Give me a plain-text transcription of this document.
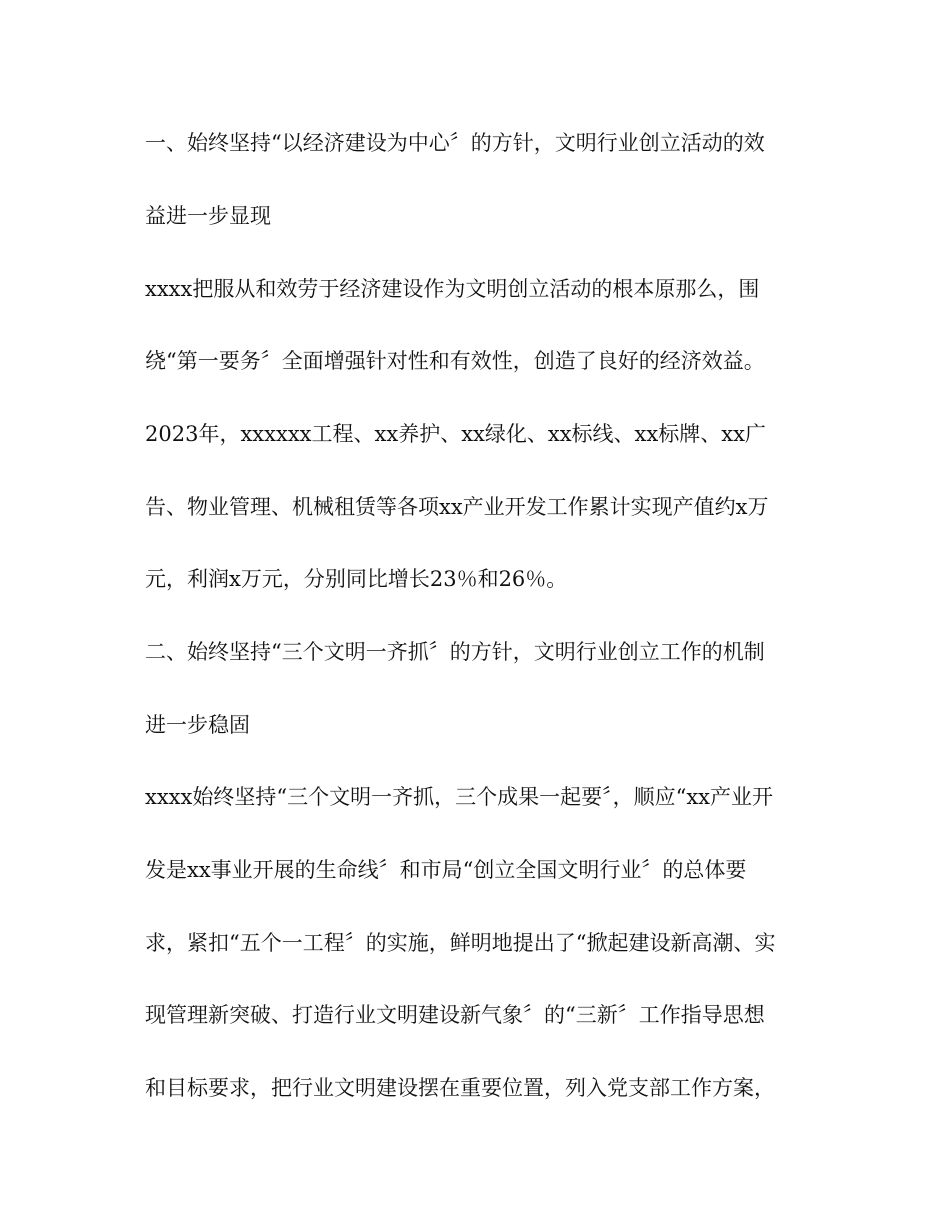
一、始终坚持“以经济建设为中心〞的方针，文明行业创立活动的效
益进一步显现
xxxx把服从和效劳于经济建设作为文明创立活动的根本原那么，围
绕“第一要务〞全面增强针对性和有效性，创造了良好的经济效益。
2023年，xxxxxx工程、xx养护、xx绿化、xx标线、xx标牌、xx广
告、物业管理、机械租赁等各项xx产业开发工作累计实现产值约x万
元，利润x万元，分别同比增长23％和26％。
二、始终坚持“三个文明一齐抓〞的方针，文明行业创立工作的机制
进一步稳固
xxxx始终坚持“三个文明一齐抓，三个成果一起要〞，顺应“xx产业开
发是xx事业开展的生命线〞和市局“创立全国文明行业〞的总体要
求，紧扣“五个一工程〞的实施，鲜明地提出了“掀起建设新高潮、实
现管理新突破、打造行业文明建设新气象〞的“三新〞工作指导思想
和目标要求，把行业文明建设摆在重要位置，列入党支部工作方案，
